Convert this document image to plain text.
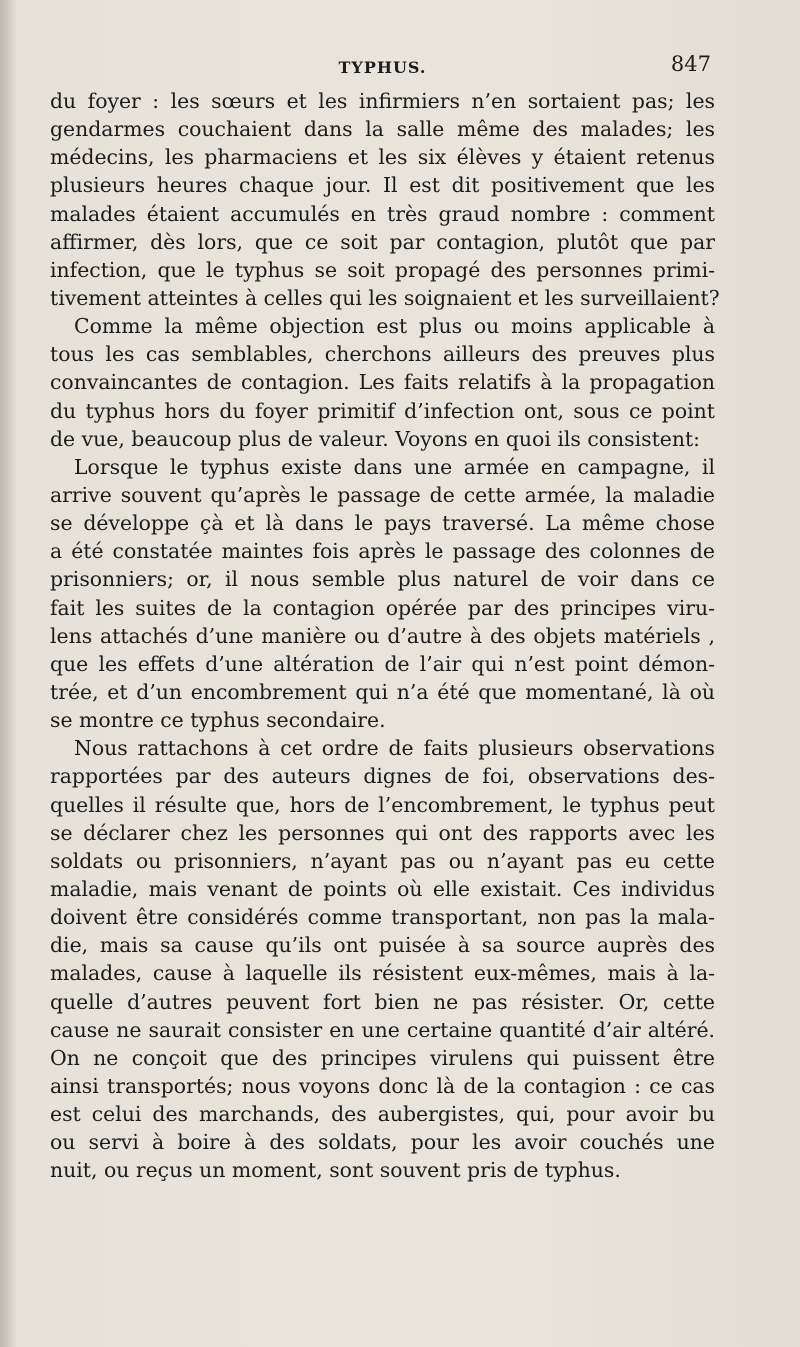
TYPHUS.	847
du foyer : les sœurs et les infirmiers n’en sortaient pas; les
gendarmes couchaient dans la salle même des malades; les
médecins, les pharmaciens et les six élèves y étaient retenus
plusieurs heures chaque jour. Il est dit positivement que les
malades étaient accumulés en très graud nombre : comment
affirmer, dès lors, que ce soit par contagion, plutôt que par
infection, que le typhus se soit propagé des personnes primi-
tivement atteintes à celles qui les soignaient et les surveillaient?
Comme la même objection est plus ou moins applicable à
tous les cas semblables, cherchons ailleurs des preuves plus
convaincantes de contagion. Les faits relatifs à la propagation
du typhus hors du foyer primitif d’infection ont, sous ce point
de vue, beaucoup plus de valeur. Voyons en quoi ils consistent:
Lorsque le typhus existe dans une armée en campagne, il
arrive souvent qu’après le passage de cette armée, la maladie
se développe çà et là dans le pays traversé. La même chose
a été constatée maintes fois après le passage des colonnes de
prisonniers; or, il nous semble plus naturel de voir dans ce
fait les suites de la contagion opérée par des principes viru-
lens attachés d’une manière ou d’autre à des objets matériels ,
que les effets d’une altération de l’air qui n’est point démon-
trée, et d’un encombrement qui n’a été que momentané, là où
se montre ce typhus secondaire.
Nous rattachons à cet ordre de faits plusieurs observations
rapportées par des auteurs dignes de foi, observations des-
quelles il résulte que, hors de l’encombrement, le typhus peut
se déclarer chez les personnes qui ont des rapports avec les
soldats ou prisonniers, n’ayant pas ou n’ayant pas eu cette
maladie, mais venant de points où elle existait. Ces individus
doivent être considérés comme transportant, non pas la mala-
die, mais sa cause qu’ils ont puisée à sa source auprès des
malades, cause à laquelle ils résistent eux-mêmes, mais à la-
quelle d’autres peuvent fort bien ne pas résister. Or, cette
cause ne saurait consister en une certaine quantité d’air altéré.
On ne conçoit que des principes virulens qui puissent être
ainsi transportés; nous voyons donc là de la contagion : ce cas
est celui des marchands, des aubergistes, qui, pour avoir bu
ou servi à boire à des soldats, pour les avoir couchés une
nuit, ou reçus un moment, sont souvent pris de typhus.
